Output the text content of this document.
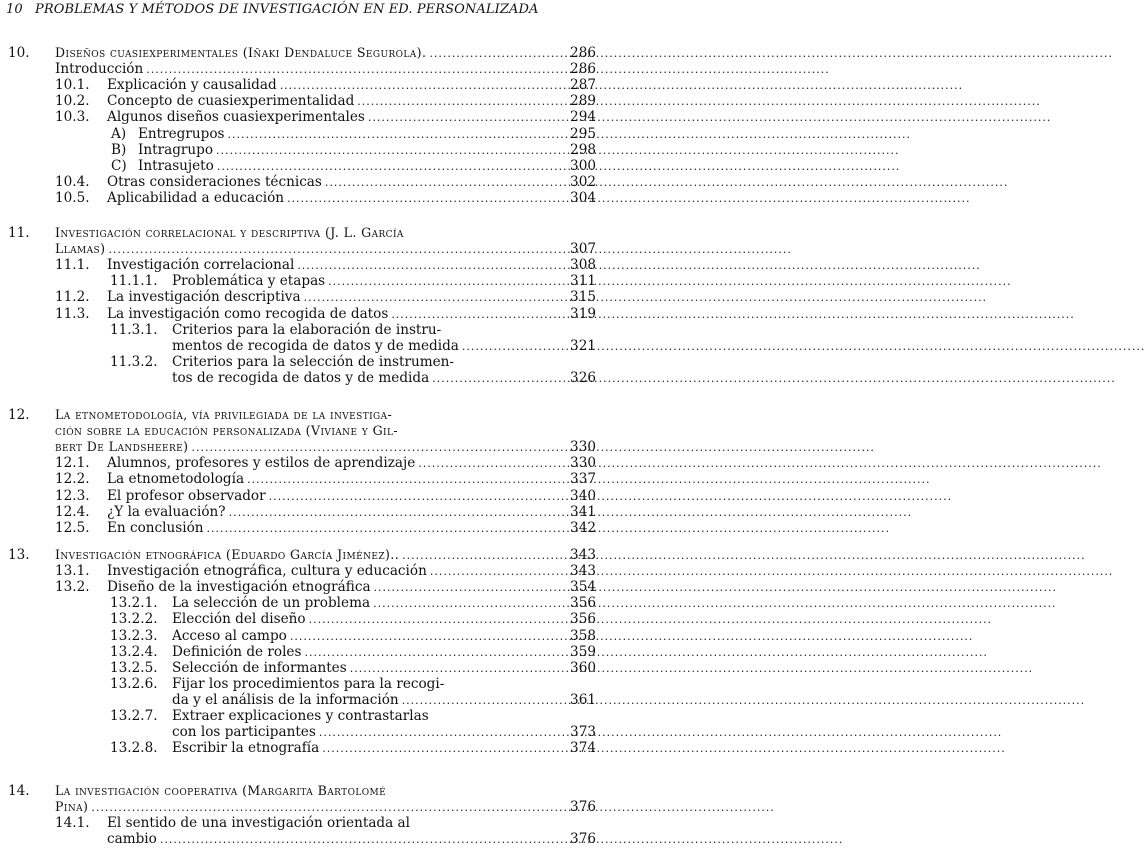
10 PROBLEMAS Y MÉTODOS DE INVESTIGACIÓN EN ED. PERSONALIZADA
10. Diseños cuasiexperimentales (Iñaki Dendaluce Segurola). .....	286
Introducción .....	286
10.1. Explicación y causalidad .....	287
10.2. Concepto de cuasiexperimentalidad .....	289
10.3. Algunos diseños cuasiexperimentales .....	294
A) Entregrupos .....	295
B) Intragrupo .....	298
C) Intrasujeto .....	300
10.4. Otras consideraciones técnicas .....	302
10.5. Aplicabilidad a educación .....	304
11. Investigación correlacional y descriptiva (J. L. García
Llamas) .....	307
11.1. Investigación correlacional .....	308
11.1.1. Problemática y etapas .....	311
11.2. La investigación descriptiva .....	315
11.3. La investigación como recogida de datos .....	319
11.3.1. Criterios para la elaboración de instru-
mentos de recogida de datos y de medida .....	321
11.3.2. Criterios para la selección de instrumen-
tos de recogida de datos y de medida .....	326
12. La etnometodología, vía privilegiada de la investiga-
ción sobre la educación personalizada (Viviane y Gil-
bert De Landsheere) .....	330
12.1. Alumnos, profesores y estilos de aprendizaje .....	330
12.2. La etnometodología .....	337
12.3. El profesor observador .....	340
12.4. ¿Y la evaluación? .....	341
12.5. En conclusión .....	342
13. Investigación etnográfica (Eduardo García Jiménez).. .....	343
13.1. Investigación etnográfica, cultura y educación .....	343
13.2. Diseño de la investigación etnográfica .....	354
13.2.1. La selección de un problema .....	356
13.2.2. Elección del diseño .....	356
13.2.3. Acceso al campo .....	358
13.2.4. Definición de roles .....	359
13.2.5. Selección de informantes .....	360
13.2.6. Fijar los procedimientos para la recogi-
da y el análisis de la información .....	361
13.2.7. Extraer explicaciones y contrastarlas
con los participantes .....	373
13.2.8. Escribir la etnografía .....	374
14. La investigación cooperativa (Margarita Bartolomé
Pina) .....	376
14.1. El sentido de una investigación orientada al
cambio .....	376
